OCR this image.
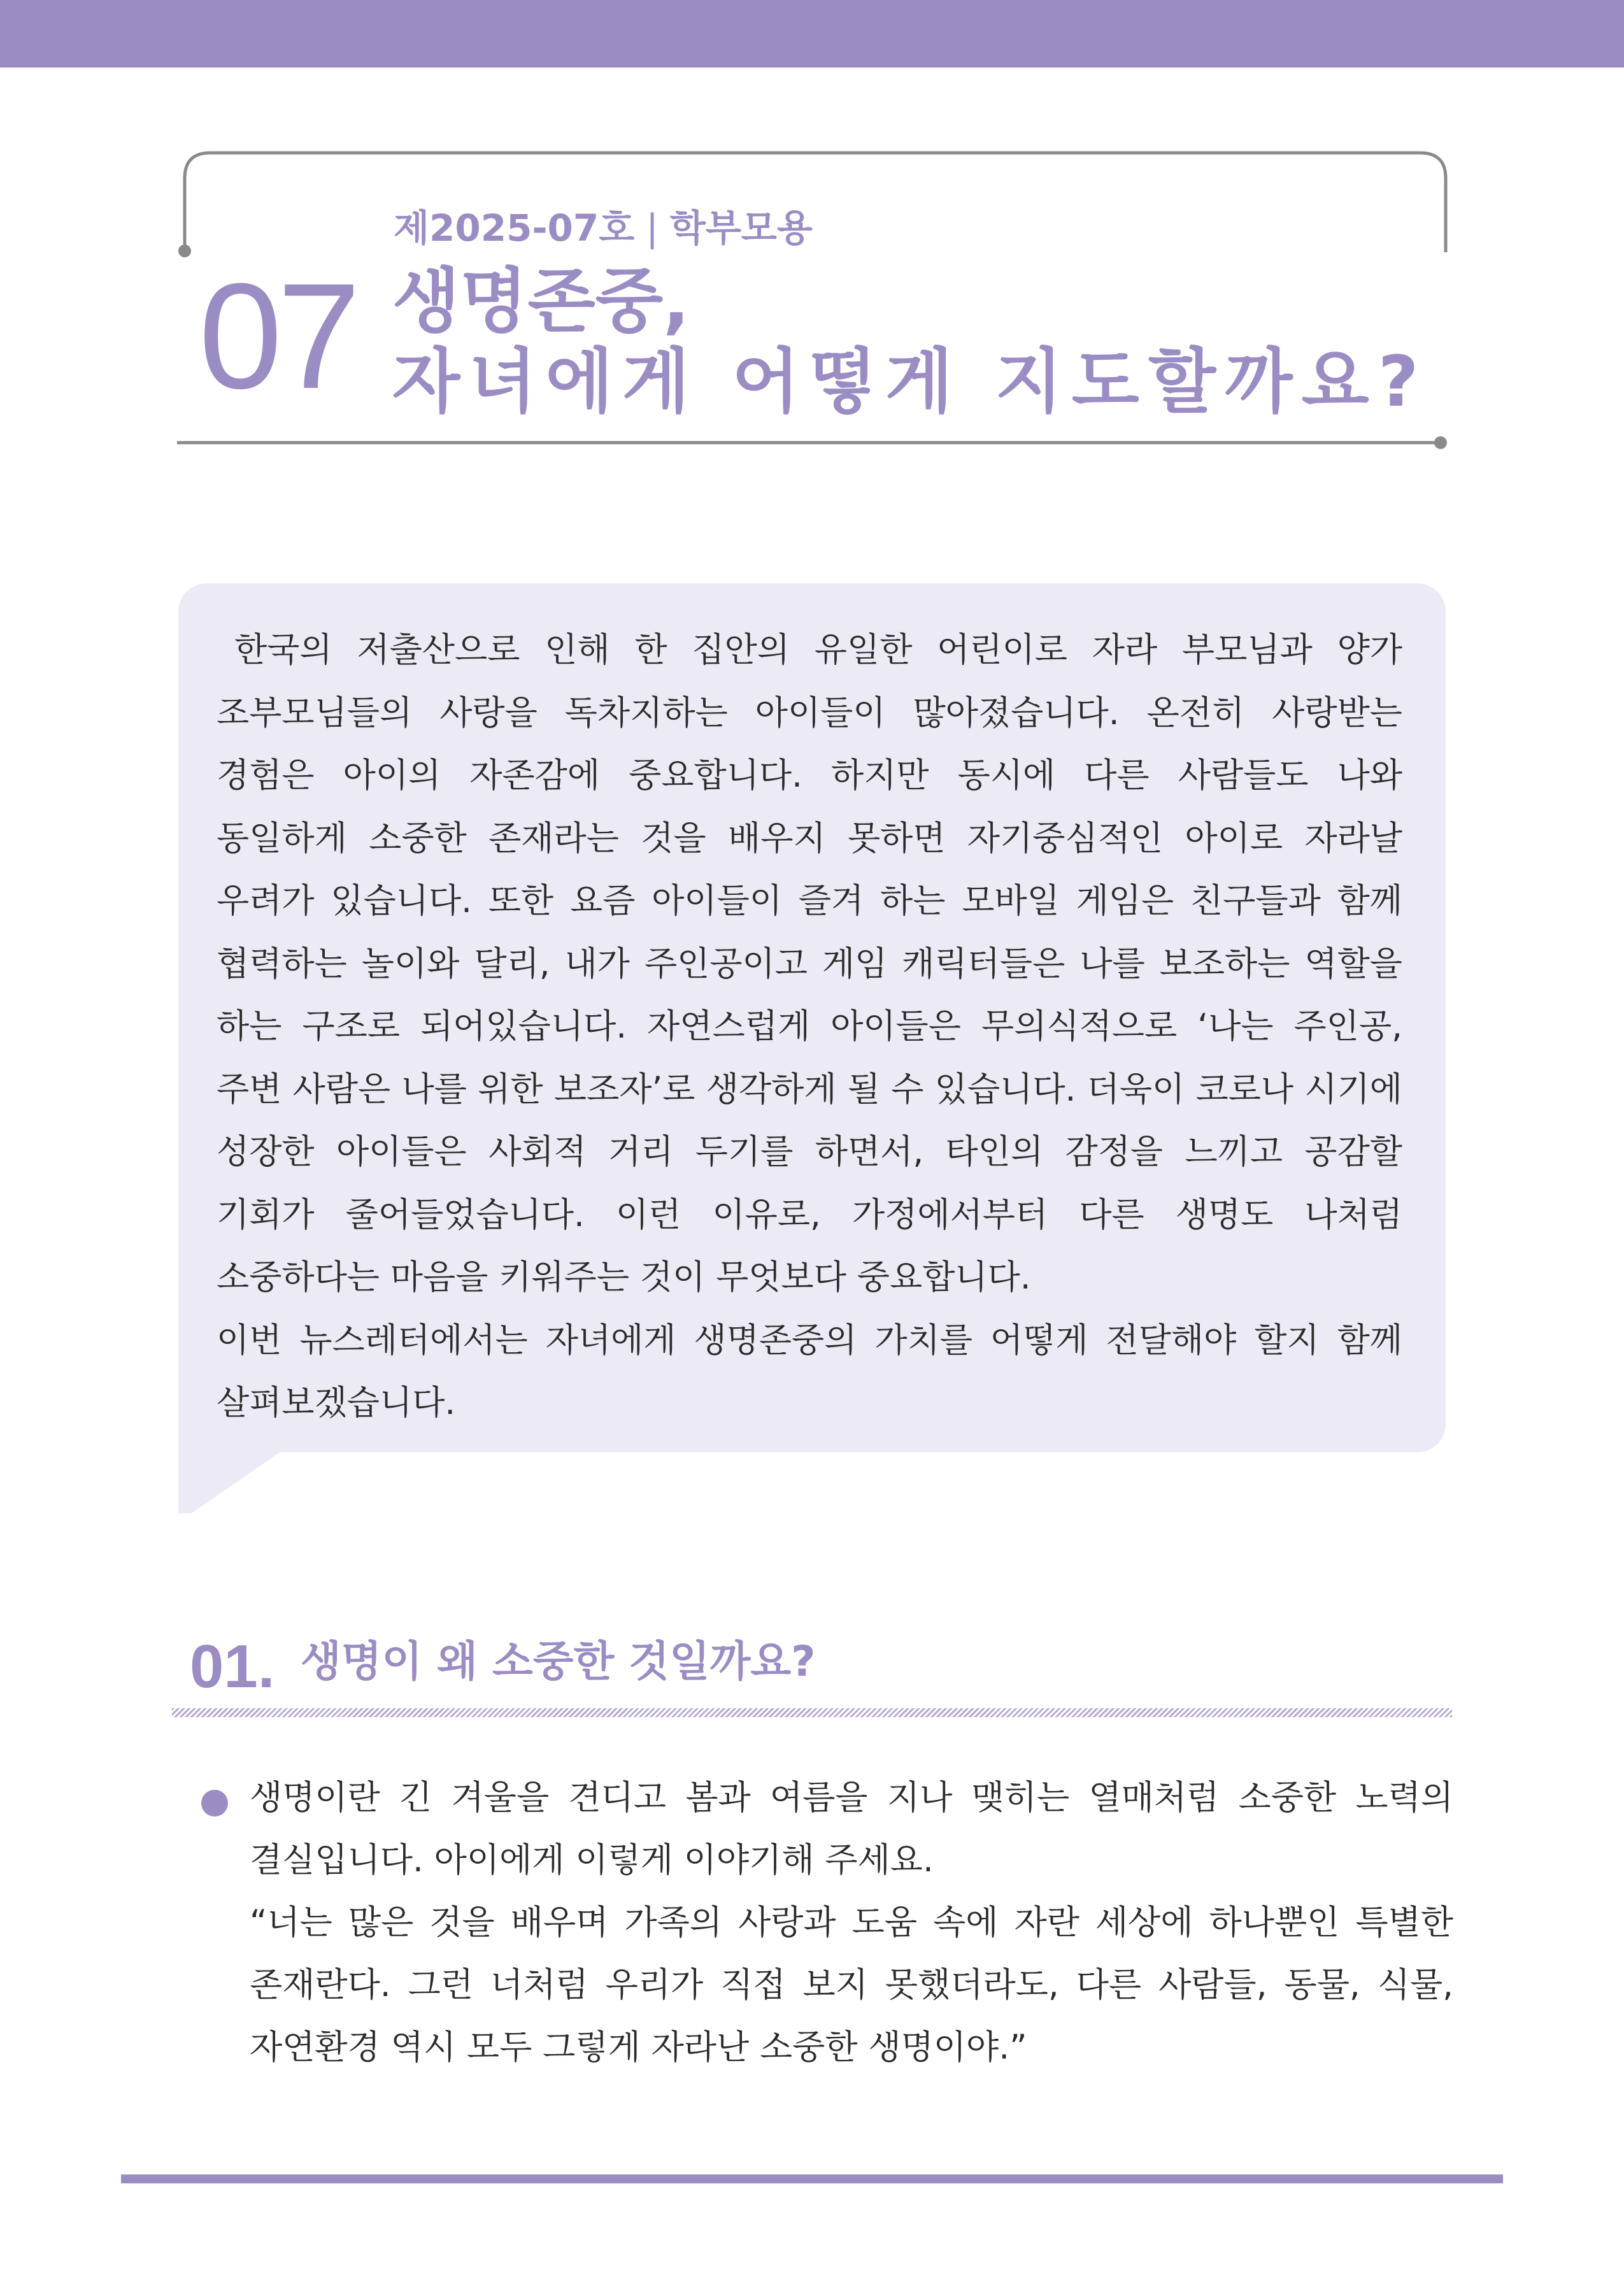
제2025-07호 | 학부모용
07 생명존중,
자녀에게 어떻게 지도할까요?
한국의 저출산으로 인해 한 집안의 유일한 어린이로 자라 부모님과 양가
조부모님들의 사랑을 독차지하는 아이들이 많아졌습니다. 온전히 사랑받는
경험은 아이의 자존감에 중요합니다. 하지만 동시에 다른 사람들도 나와
동일하게 소중한 존재라는 것을 배우지 못하면 자기중심적인 아이로 자라날
우려가 있습니다. 또한 요즘 아이들이 즐겨 하는 모바일 게임은 친구들과 함께
협력하는 놀이와 달리, 내가 주인공이고 게임 캐릭터들은 나를 보조하는 역할을
하는 구조로 되어있습니다. 자연스럽게 아이들은 무의식적으로 ‘나는 주인공,
주변 사람은 나를 위한 보조자’로 생각하게 될 수 있습니다. 더욱이 코로나 시기에
성장한 아이들은 사회적 거리 두기를 하면서, 타인의 감정을 느끼고 공감할
기회가 줄어들었습니다. 이런 이유로, 가정에서부터 다른 생명도 나처럼
소중하다는 마음을 키워주는 것이 무엇보다 중요합니다.
이번 뉴스레터에서는 자녀에게 생명존중의 가치를 어떻게 전달해야 할지 함께
살펴보겠습니다.
01. 생명이 왜 소중한 것일까요?
생명이란 긴 겨울을 견디고 봄과 여름을 지나 맺히는 열매처럼 소중한 노력의
결실입니다. 아이에게 이렇게 이야기해 주세요.
“너는 많은 것을 배우며 가족의 사랑과 도움 속에 자란 세상에 하나뿐인 특별한
존재란다. 그런 너처럼 우리가 직접 보지 못했더라도, 다른 사람들, 동물, 식물,
자연환경 역시 모두 그렇게 자라난 소중한 생명이야.”
